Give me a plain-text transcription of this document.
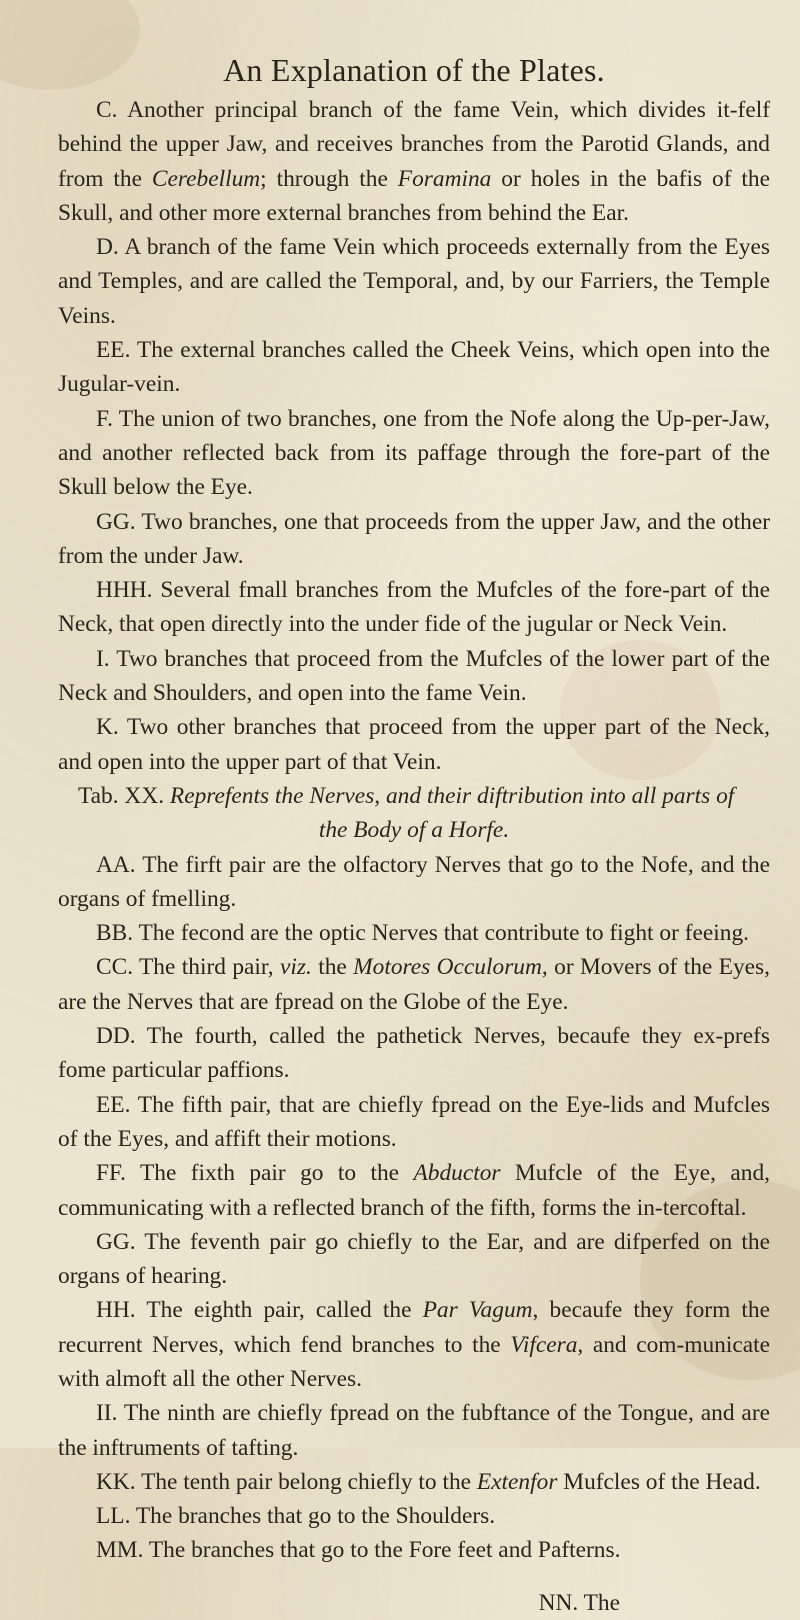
An Explanation of the Plates.

C. Another principal branch of the fame Vein, which divides it-felf behind the upper Jaw, and receives branches from the Parotid Glands, and from the Cerebellum; through the Foramina or holes in the bafis of the Skull, and other more external branches from behind the Ear.

D. A branch of the fame Vein which proceeds externally from the Eyes and Temples, and are called the Temporal, and, by our Farriers, the Temple Veins.

EE. The external branches called the Cheek Veins, which open into the Jugular-vein.

F. The union of two branches, one from the Nofe along the Up-per-Jaw, and another reflected back from its paffage through the fore-part of the Skull below the Eye.

GG. Two branches, one that proceeds from the upper Jaw, and the other from the under Jaw.

HHH. Several fmall branches from the Mufcles of the fore-part of the Neck, that open directly into the under fide of the jugular or Neck Vein.

I. Two branches that proceed from the Mufcles of the lower part of the Neck and Shoulders, and open into the fame Vein.

K. Two other branches that proceed from the upper part of the Neck, and open into the upper part of that Vein.

Tab. XX. Reprefents the Nerves, and their diftribution into all parts of
the Body of a Horfe.

AA. The firft pair are the olfactory Nerves that go to the Nofe, and the organs of fmelling.

BB. The fecond are the optic Nerves that contribute to fight or feeing.

CC. The third pair, viz. the Motores Occulorum, or Movers of the Eyes, are the Nerves that are fpread on the Globe of the Eye.

DD. The fourth, called the pathetick Nerves, becaufe they ex-prefs fome particular paffions.

EE. The fifth pair, that are chiefly fpread on the Eye-lids and Mufcles of the Eyes, and affift their motions.

FF. The fixth pair go to the Abductor Mufcle of the Eye, and, communicating with a reflected branch of the fifth, forms the in-tercoftal.

GG. The feventh pair go chiefly to the Ear, and are difperfed on the organs of hearing.

HH. The eighth pair, called the Par Vagum, becaufe they form the recurrent Nerves, which fend branches to the Vifcera, and com-municate with almoft all the other Nerves.

II. The ninth are chiefly fpread on the fubftance of the Tongue, and are the inftruments of tafting.

KK. The tenth pair belong chiefly to the Extenfor Mufcles of the Head.

LL. The branches that go to the Shoulders.

MM. The branches that go to the Fore feet and Pafterns.

NN. The
